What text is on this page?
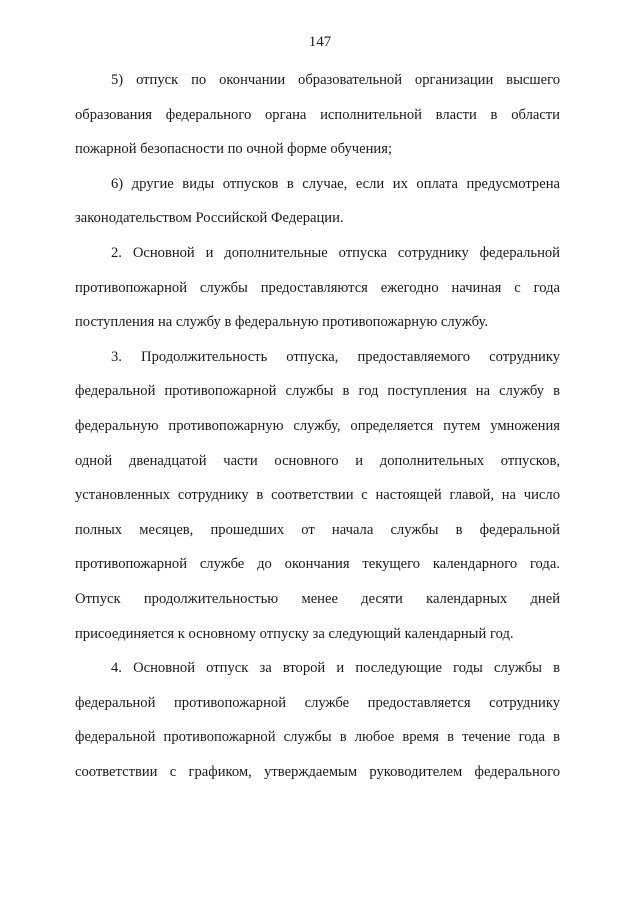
147
5) отпуск по окончании образовательной организации высшего
образования федерального органа исполнительной власти в области
пожарной безопасности по очной форме обучения;
6) другие виды отпусков в случае, если их оплата предусмотрена
законодательством Российской Федерации.
2. Основной и дополнительные отпуска сотруднику федеральной
противопожарной службы предоставляются ежегодно начиная с года
поступления на службу в федеральную противопожарную службу.
3. Продолжительность отпуска, предоставляемого сотруднику
федеральной противопожарной службы в год поступления на службу в
федеральную противопожарную службу, определяется путем умножения
одной двенадцатой части основного и дополнительных отпусков,
установленных сотруднику в соответствии с настоящей главой, на число
полных месяцев, прошедших от начала службы в федеральной
противопожарной службе до окончания текущего календарного года.
Отпуск продолжительностью менее десяти календарных дней
присоединяется к основному отпуску за следующий календарный год.
4. Основной отпуск за второй и последующие годы службы в
федеральной противопожарной службе предоставляется сотруднику
федеральной противопожарной службы в любое время в течение года в
соответствии с графиком, утверждаемым руководителем федерального
